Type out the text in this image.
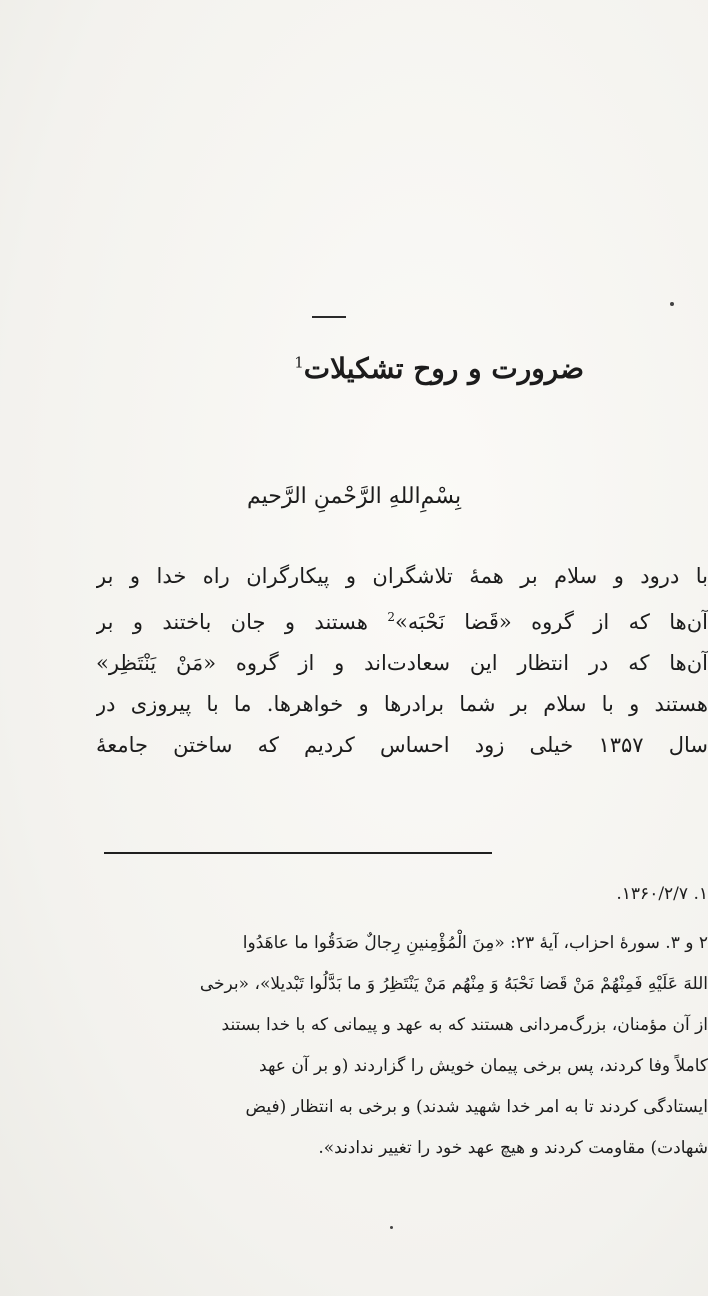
ضرورت و روح تشکیلات$^1$
بِسْمِ‌اللهِ الرَّحْمنِ الرَّحیم
با درود و سلام بر همهٔ تلاشگران و پیکارگران راه خدا و بر
آن‌ها که از گروه «قَضا نَحْبَه»$^2$ هستند و جان باختند و بر
آن‌ها که در انتظار این سعادت‌اند و از گروه «مَنْ یَنْتَظِر»
هستند و با سلام بر شما برادرها و خواهرها. ما با پیروزی در
سال ۱۳۵۷ خیلی زود احساس کردیم که ساختن جامعهٔ
۱. ۱۳۶۰/۲/۷.
۲ و ۳. سورهٔ احزاب، آیهٔ ۲۳: «مِنَ الْمُؤْمِنینِ رِجالٌ صَدَقُوا ما عاهَدُوا
اللهَ عَلَیْهِ فَمِنْهُمْ مَنْ قَضا نَحْبَهُ وَ مِنْهُم مَنْ یَنْتَظِرُ وَ ما بَدَّلُوا تَبْدیلا»، «برخی
از آن مؤمنان، بزرگ‌مردانی هستند که به عهد و پیمانی که با خدا بستند
کاملاً وفا کردند، پس برخی پیمان خویش را گزاردند (و بر آن عهد
ایستادگی کردند تا به امر خدا شهید شدند) و برخی به انتظار (فیض
شهادت) مقاومت کردند و هیچ عهد خود را تغییر ندادند».
